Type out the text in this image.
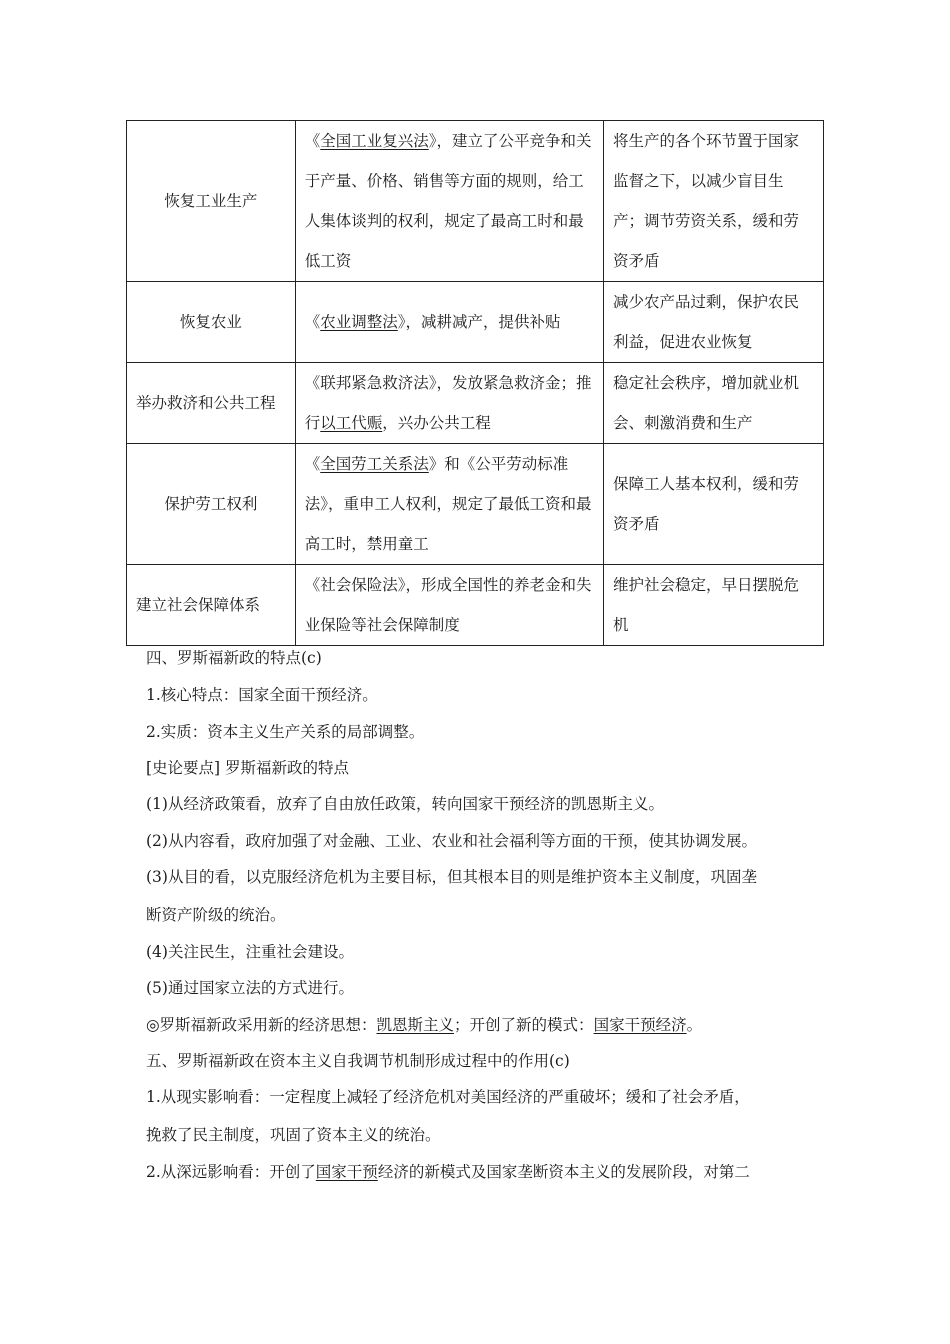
恢复工业生产	《全国工业复兴法》，建立了公平竞争和关于产量、价格、销售等方面的规则，给工人集体谈判的权利，规定了最高工时和最低工资	将生产的各个环节置于国家监督之下，以减少盲目生产；调节劳资关系，缓和劳资矛盾
恢复农业	《农业调整法》，减耕减产，提供补贴	减少农产品过剩，保护农民利益，促进农业恢复
举办救济和公共工程	《联邦紧急救济法》，发放紧急救济金；推行以工代赈，兴办公共工程	稳定社会秩序，增加就业机会、刺激消费和生产
保护劳工权利	《全国劳工关系法》和《公平劳动标准法》，重申工人权利，规定了最低工资和最高工时，禁用童工	保障工人基本权利，缓和劳资矛盾
建立社会保障体系	《社会保险法》，形成全国性的养老金和失业保险等社会保障制度	维护社会稳定，早日摆脱危机
四、罗斯福新政的特点(c)
1.核心特点：国家全面干预经济。
2.实质：资本主义生产关系的局部调整。
[史论要点] 罗斯福新政的特点
(1)从经济政策看，放弃了自由放任政策，转向国家干预经济的凯恩斯主义。
(2)从内容看，政府加强了对金融、工业、农业和社会福利等方面的干预，使其协调发展。
(3)从目的看，以克服经济危机为主要目标，但其根本目的则是维护资本主义制度，巩固垄
断资产阶级的统治。
(4)关注民生，注重社会建设。
(5)通过国家立法的方式进行。
◎罗斯福新政采用新的经济思想：凯恩斯主义；开创了新的模式：国家干预经济。
五、罗斯福新政在资本主义自我调节机制形成过程中的作用(c)
1.从现实影响看：一定程度上减轻了经济危机对美国经济的严重破坏；缓和了社会矛盾，
挽救了民主制度，巩固了资本主义的统治。
2.从深远影响看：开创了国家干预经济的新模式及国家垄断资本主义的发展阶段，对第二
